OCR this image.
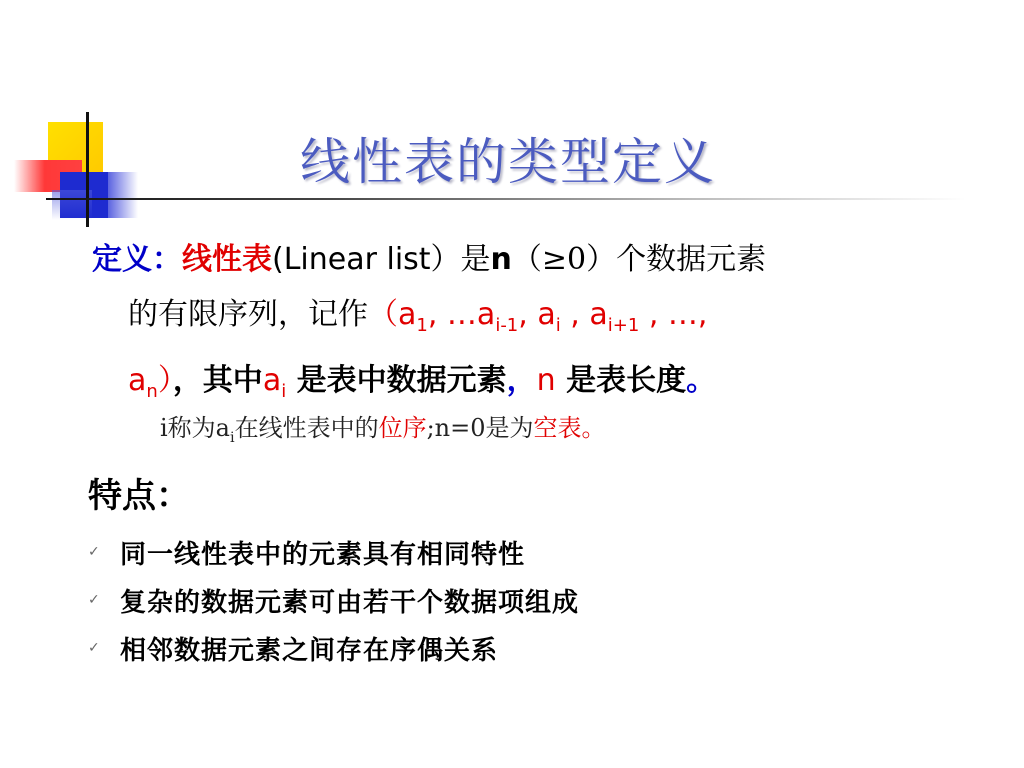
线性表的类型定义
定义：线性表(Linear list）是n（≥0）个数据元素
的有限序列，记作（$a_1$, $\dots a_{i-1}$, $a_i$ , $a_{i+1}$ , …,
$a_n$），其中$a_i$ 是表中数据元素，n 是表长度。
i称为$a_i$在线性表中的位序;n=0是为空表。
特点：
✓ 同一线性表中的元素具有相同特性
✓ 复杂的数据元素可由若干个数据项组成
✓ 相邻数据元素之间存在序偶关系
